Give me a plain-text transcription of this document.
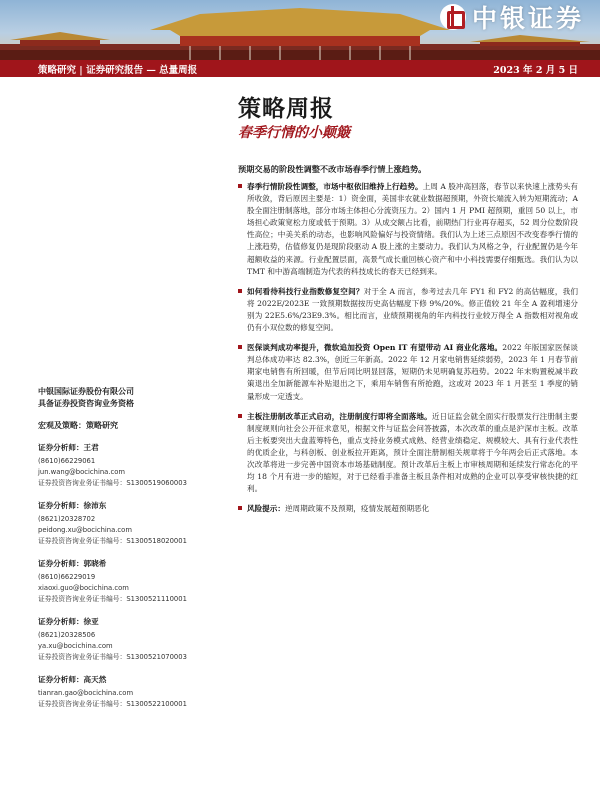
中银证券
策略研究 | 证券研究报告 — 总量周报	2023 年 2 月 5 日
策略周报
春季行情的小颠簸
预期交易的阶段性调整不改市场春季行情上涨趋势。
春季行情阶段性调整，市场中枢依旧维持上行趋势。上周 A 股冲高回落，春节以来快速上涨势头有所收敛，背后原因主要是：1）资金面，美国非农就业数据超预期，外资长端流入转为短期流动；A 股全面注册制落地，部分市场主体担心分流资压力。2）国内 1 月 PMI 超预期，重回 50 以上，市场担心政策宽松力度或低于预期。3）从成交额占比看，前期热门行业再存超买，52 周分位数阶段性高位；中美关系的动态，也影响风险偏好与投资情绪。我们认为上述三点原因不改变春季行情的上涨趋势，估值修复仍是现阶段驱动 A 股上涨的主要动力。我们认为风格之争，行业配置仍是今年超额收益的来源。行业配置层面，高景气成长重回核心资产和中小科技需要仔细甄选。我们认为以 TMT 和中游高端制造为代表的科技成长的春天已经到来。
如何看待科技行业指数修复空间？对于全 A 而言，参考过去几年 FY1 和 FY2 的高估幅度，我们将 2022E/2023E 一致预期数据按历史高估幅度下修 9%/20%。修正值较 21 年全 A 盈利增速分别为 22E5.6%/23E9.3%。相比而言，业绩预期视角的年内科技行业较万得全 A 指数相对视角或仍有小双位数的修复空间。
医保谈判成功率提升，微软追加投资 Open IT 有望带动 AI 商业化落地。2022 年版国家医保谈判总体成功率达 82.3%，创近三年新高。2022 年 12 月家电销售延续弱势，2023 年 1 月春节前期家电销售有所回暖，但节后同比明显回落，短期仍未见明确复苏趋势。2022 年末购置税减半政策退出全加新能源车补贴退出之下，乘用车销售有所抢跑，这或对 2023 年 1 月甚至 1 季度的销量形成一定透支。
主板注册制改革正式启动，注册制度行即将全面落地。近日证监会就全面实行股票发行注册制主要制度规则向社会公开征求意见，根据文件与证监会问答披露，本次改革的重点是沪深市主板。改革后主板要突出大盘蓝筹特色，重点支持业务模式成熟、经营业绩稳定、规模较大、具有行业代表性的优质企业，与科创板、创业板拉开距离，预计全面注册制相关规章将于今年两会后正式落地。本次改革将进一步完善中国资本市场基础制度。预计改革后主板上市审核周期和延续发行常态化的平均 18 个月有进一步的缩短，对于已经看手准备主板且条件相对成熟的企业可以享受审核快捷的红利。
风险提示：逆周期政策不及预期，疫情发展超预期恶化
中银国际证券股份有限公司
具备证券投资咨询业务资格
宏观及策略：策略研究
证券分析师：王君
(8610)66229061
jun.wang@bocichina.com
证券投资咨询业务证书编号：S1300519060003
证券分析师：徐沛东
(8621)20328702
peidong.xu@bocichina.com
证券投资咨询业务证书编号：S1300518020001
证券分析师：郭晓希
(8610)66229019
xiaoxi.guo@bocichina.com
证券投资咨询业务证书编号：S1300521110001
证券分析师：徐亚
(8621)20328506
ya.xu@bocichina.com
证券投资咨询业务证书编号：S1300521070003
证券分析师：高天然
tianran.gao@bocichina.com
证券投资咨询业务证书编号：S1300522100001
